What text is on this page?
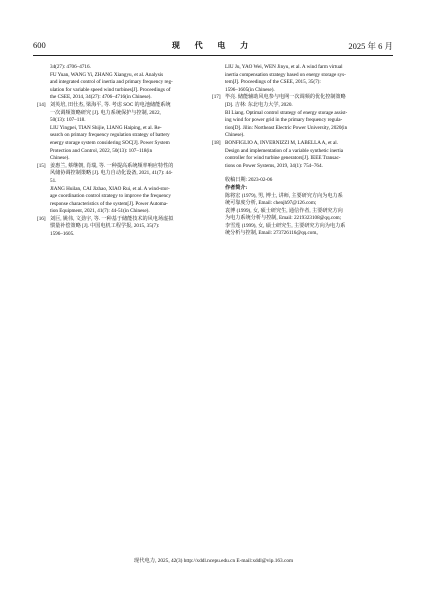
600	现 代 电 力	2025 年 6 月
34(27): 4706–4716.
FU Yuan, WANG Yi, ZHANG Xiangyu, et al. Analysis
and integrated control of inertia and primary frequency reg-
ulation for variable speed wind turbines[J]. Proceedings of
the CSEE, 2014, 34(27): 4706–4716(in Chinese).
[14] 刘英培, 田仕杰, 梁海平, 等. 考虑 SOC 的电池储能系统
一次调频策略研究 [J]. 电力系统保护与控制, 2022,
50(13): 107–118.
LIU Yingpei, TIAN Shijie, LIANG Haiping, et al. Re-
search on primary frequency regulation strategy of battery
energy storage system considering SOC[J]. Power System
Protection and Control, 2022, 50(13): 107–118(in
Chinese).
[15] 姜惠兰, 蔡继朝, 肖瑞, 等. 一种提高系统频率响应特性的
风储协调控制策略 [J]. 电力自动化设备, 2021, 41(7): 44-
51.
JIANG Huilan, CAI Jizhao, XIAO Rui, et al. A wind-stor-
age coordination control strategy to improve the frequency
response characteristics of the system[J]. Power Automa-
tion Equipment, 2021, 41(7): 44-51(in Chinese).
[16] 刘巨, 姚伟, 文劲宇, 等. 一种基于储能技术的风电场虚拟
惯量补偿策略 [J]. 中国电机工程学报, 2015, 35(7):
1596–1605.
LIU Ju, YAO Wei, WEN Jinyu, et al. A wind farm virtual
inertia compensation strategy based on energy storage sys-
tem[J]. Proceedings of the CSEE, 2015, 35(7):
1596–1605(in Chinese).
[17] 毕亮. 储能辅助风电参与电网一次调频的优化控制策略
[D]. 吉林: 东北电力大学, 2020.
BI Liang. Optimal control strategy of energy storage assist-
ing wind for power grid in the primary frequency regula-
tion[D]. Jilin: Northeast Electric Power University, 2020(in
Chinese).
[18] BONFIGLIO A, INVERNIZZI M, LABELLA A, et al.
Design and implementation of a variable synthetic inertia
controller for wind turbine generators[J]. IEEE Transac-
tions on Power Systems, 2019, 34(1): 754–764.
收稿日期: 2023-02-06
作者简介:
陈将宏 (1979), 男, 博士, 讲师, 主要研究方向为电力系
统可靠度分析, Email: chenjh97@126.com;
袁博 (1999), 女, 硕士研究生, 通信作者, 主要研究方向
为电力系统分析与控制, Email: 2219323108@qq.com;
李雪莲 (1999), 女, 硕士研究生, 主要研究方向为电力系
统分析与控制, Email: 273726116@qq.com。
现代电力, 2025, 42(3) http://xddl.ncepu.edu.cn E-mail:xddl@vip.163.com
